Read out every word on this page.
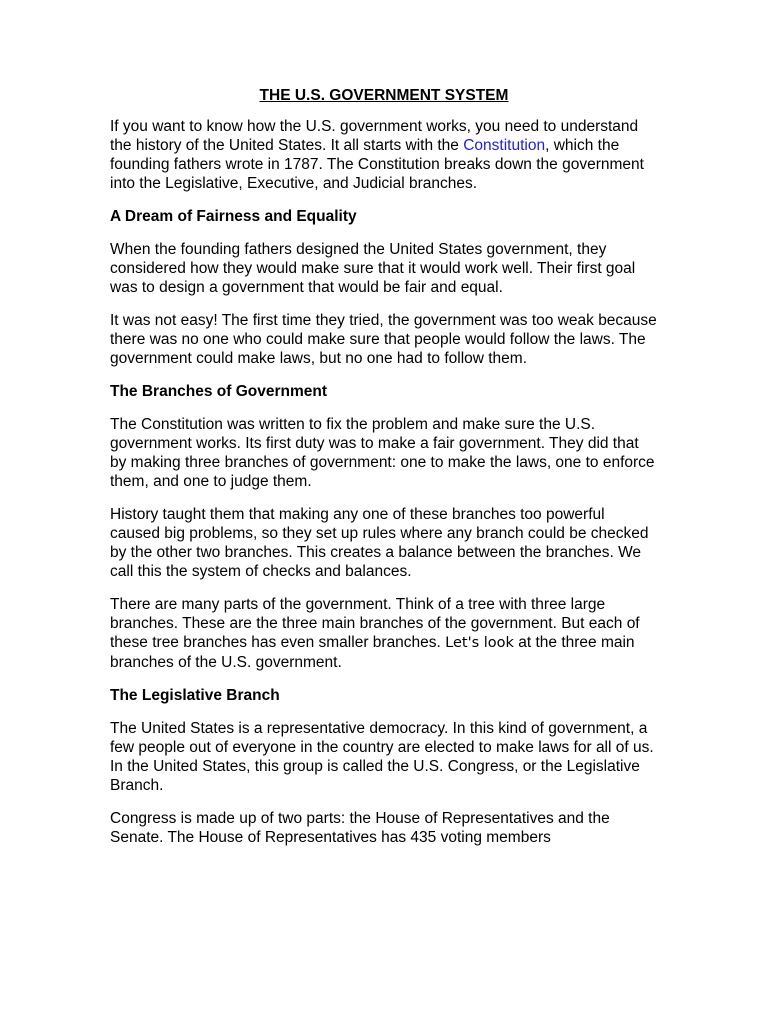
THE U.S. GOVERNMENT SYSTEM

If you want to know how the U.S. government works, you need to understand the history of the United States. It all starts with the Constitution, which the founding fathers wrote in 1787. The Constitution breaks down the government into the Legislative, Executive, and Judicial branches.

A Dream of Fairness and Equality

When the founding fathers designed the United States government, they considered how they would make sure that it would work well. Their first goal was to design a government that would be fair and equal.

It was not easy! The first time they tried, the government was too weak because there was no one who could make sure that people would follow the laws. The government could make laws, but no one had to follow them.

The Branches of Government

The Constitution was written to fix the problem and make sure the U.S. government works. Its first duty was to make a fair government. They did that by making three branches of government: one to make the laws, one to enforce them, and one to judge them.

History taught them that making any one of these branches too powerful caused big problems, so they set up rules where any branch could be checked by the other two branches. This creates a balance between the branches. We call this the system of checks and balances.

There are many parts of the government. Think of a tree with three large branches. These are the three main branches of the government. But each of these tree branches has even smaller branches. Let's look at the three main branches of the U.S. government.

The Legislative Branch

The United States is a representative democracy. In this kind of government, a few people out of everyone in the country are elected to make laws for all of us. In the United States, this group is called the U.S. Congress, or the Legislative Branch.

Congress is made up of two parts: the House of Representatives and the Senate. The House of Representatives has 435 voting members
